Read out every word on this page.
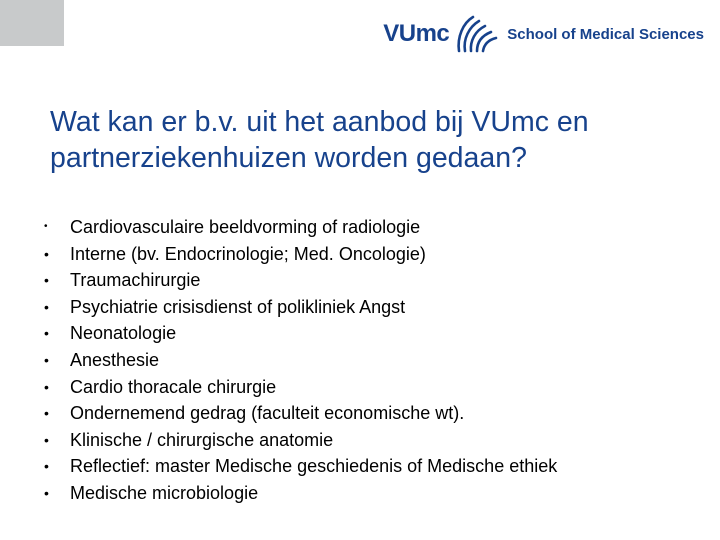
VUmc	School of Medical Sciences
Wat kan er b.v. uit het aanbod bij VUmc en partnerziekenhuizen worden gedaan?
• Cardiovasculaire beeldvorming of radiologie
• Interne (bv. Endocrinologie; Med. Oncologie)
• Traumachirurgie
• Psychiatrie crisisdienst of polikliniek Angst
• Neonatologie
• Anesthesie
• Cardio thoracale chirurgie
• Ondernemend gedrag (faculteit economische wt).
• Klinische / chirurgische anatomie
• Reflectief: master Medische geschiedenis of Medische ethiek
• Medische microbiologie
